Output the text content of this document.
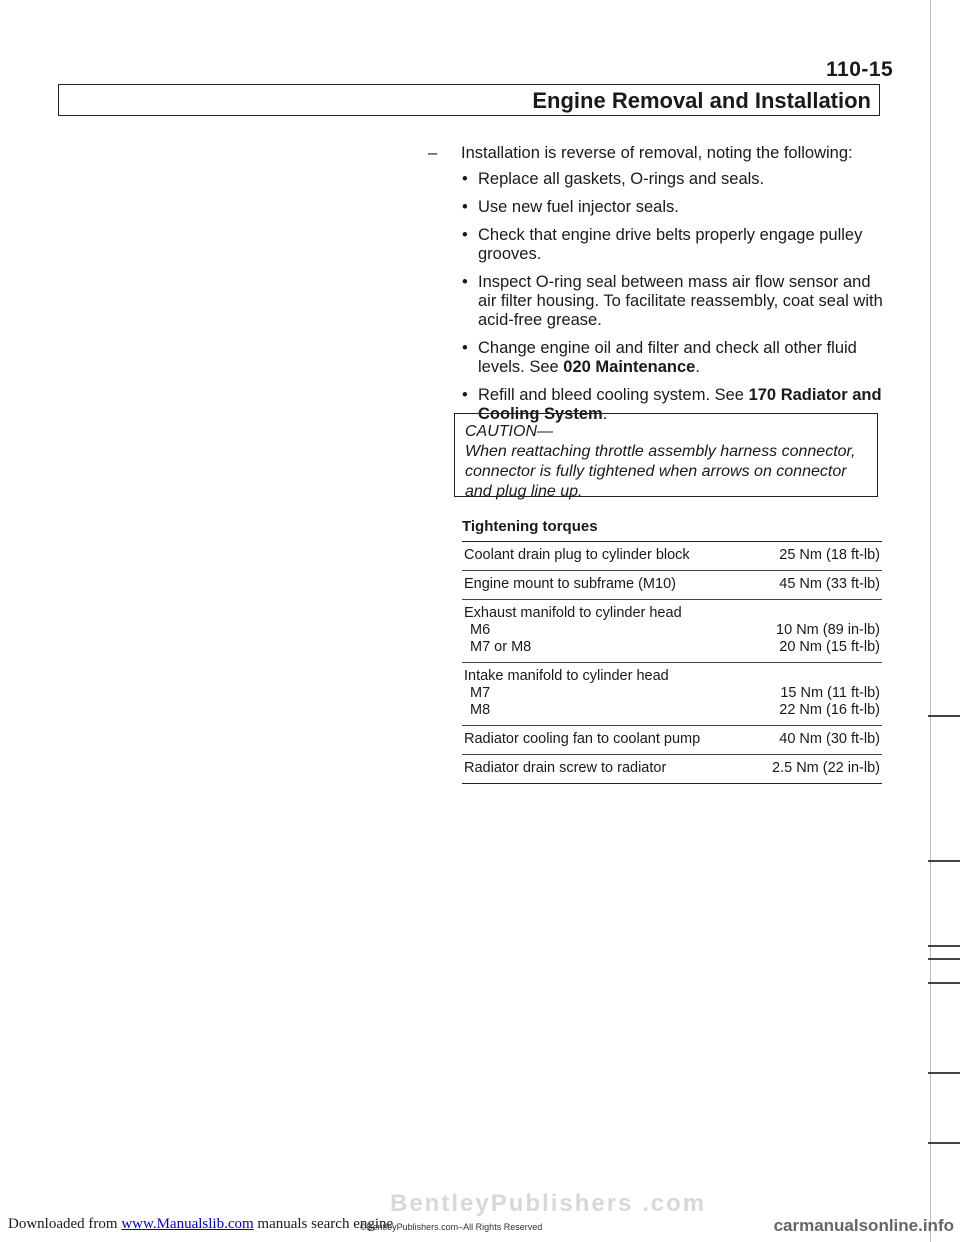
110-15
Engine Removal and Installation
– Installation is reverse of removal, noting the following:
• Replace all gaskets, O-rings and seals.
• Use new fuel injector seals.
• Check that engine drive belts properly engage pulley grooves.
• Inspect O-ring seal between mass air flow sensor and air filter housing. To facilitate reassembly, coat seal with acid-free grease.
• Change engine oil and filter and check all other fluid levels. See 020 Maintenance.
• Refill and bleed cooling system. See 170 Radiator and Cooling System.
CAUTION—
When reattaching throttle assembly harness connector, connector is fully tightened when arrows on connector and plug line up.
Tightening torques
Coolant drain plug to cylinder block	25 Nm (18 ft-lb)
Engine mount to subframe (M10)	45 Nm (33 ft-lb)
Exhaust manifold to cylinder head
M6	10 Nm (89 in-lb)
M7 or M8	20 Nm (15 ft-lb)
Intake manifold to cylinder head
M7	15 Nm (11 ft-lb)
M8	22 Nm (16 ft-lb)
Radiator cooling fan to coolant pump	40 Nm (30 ft-lb)
Radiator drain screw to radiator	2.5 Nm (22 in-lb)
BentleyPublishers .com
Downloaded from www.Manualslib.com manuals search engine
©BentleyPublishers.com–All Rights Reserved	carmanualsonline.info
